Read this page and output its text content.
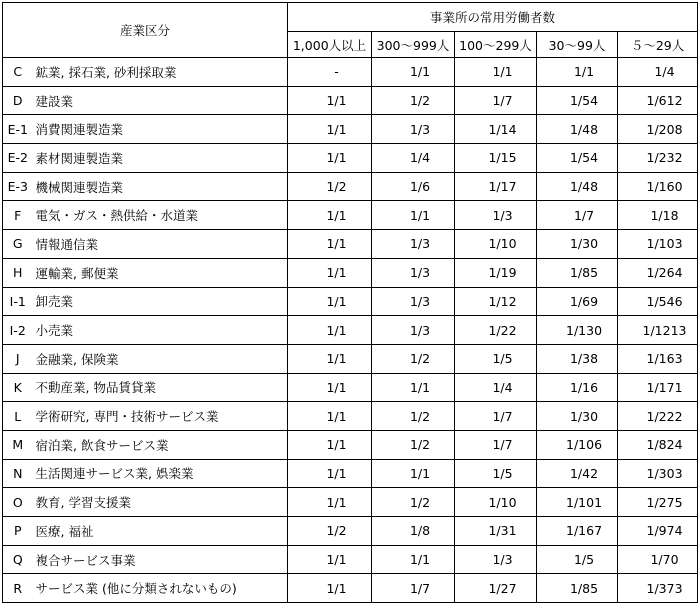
産業区分		事業所の常用労働者数				
		1,000人以上	300～999人	100～299人	30～99人	５～29人
C	鉱業, 採石業, 砂利採取業	-	1/1	1/1	1/1	1/4
D	建設業	1/1	1/2	1/7	1/54	1/612
E-1	消費関連製造業	1/1	1/3	1/14	1/48	1/208
E-2	素材関連製造業	1/1	1/4	1/15	1/54	1/232
E-3	機械関連製造業	1/2	1/6	1/17	1/48	1/160
F	電気・ガス・熱供給・水道業	1/1	1/1	1/3	1/7	1/18
G	情報通信業	1/1	1/3	1/10	1/30	1/103
H	運輸業, 郵便業	1/1	1/3	1/19	1/85	1/264
I-1	卸売業	1/1	1/3	1/12	1/69	1/546
I-2	小売業	1/1	1/3	1/22	1/130	1/1213
J	金融業, 保険業	1/1	1/2	1/5	1/38	1/163
K	不動産業, 物品賃貸業	1/1	1/1	1/4	1/16	1/171
L	学術研究, 専門・技術サービス業	1/1	1/2	1/7	1/30	1/222
M	宿泊業, 飲食サービス業	1/1	1/2	1/7	1/106	1/824
N	生活関連サービス業, 娯楽業	1/1	1/1	1/5	1/42	1/303
O	教育, 学習支援業	1/1	1/2	1/10	1/101	1/275
P	医療, 福祉	1/2	1/8	1/31	1/167	1/974
Q	複合サービス事業	1/1	1/1	1/3	1/5	1/70
R	サービス業 (他に分類されないもの)	1/1	1/7	1/27	1/85	1/373
